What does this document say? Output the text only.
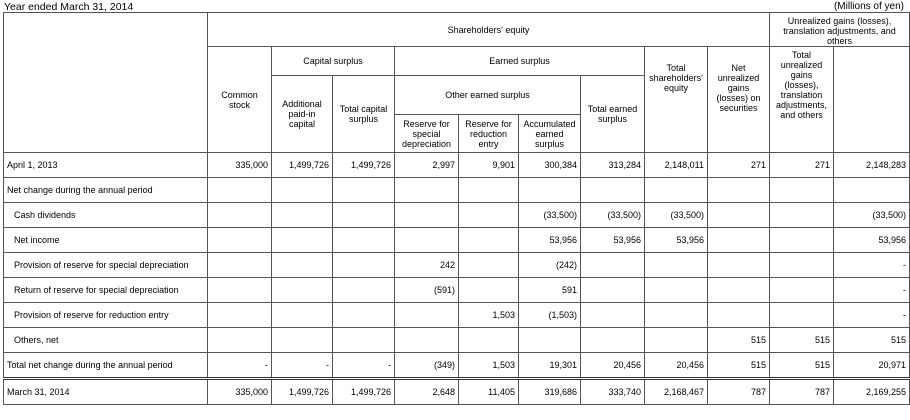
Year ended March 31, 2014	(Millions of yen)
	Shareholders' equity									Unrealized gains (losses), translation adjustments, and others	
	Common stock	Capital surplus		Earned surplus				Total shareholders' equity	Net unrealized gains (losses) on securities	Total unrealized gains (losses), translation adjustments, and others		
		Additional paid-in capital	Total capital surplus	Other earned surplus			Total earned surplus					
				Reserve for special depreciation	Reserve for reduction entry	Accumulated earned surplus						
April 1, 2013	335,000	1,499,726	1,499,726	2,997	9,901	300,384	313,284	2,148,011	271	271	2,148,283	
Net change during the annual period												
Cash dividends						(33,500)	(33,500)	(33,500)			(33,500)	
Net income						53,956	53,956	53,956			53,956	
Provision of reserve for special depreciation				242		(242)					-	
Return of reserve for special depreciation				(591)		591					-	
Provision of reserve for reduction entry					1,503	(1,503)					-	
Others, net									515	515	515	
Total net change during the annual period	-	-	-	(349)	1,503	19,301	20,456	20,456	515	515	20,971	
March 31, 2014	335,000	1,499,726	1,499,726	2,648	11,405	319,686	333,740	2,168,467	787	787	2,169,255	
